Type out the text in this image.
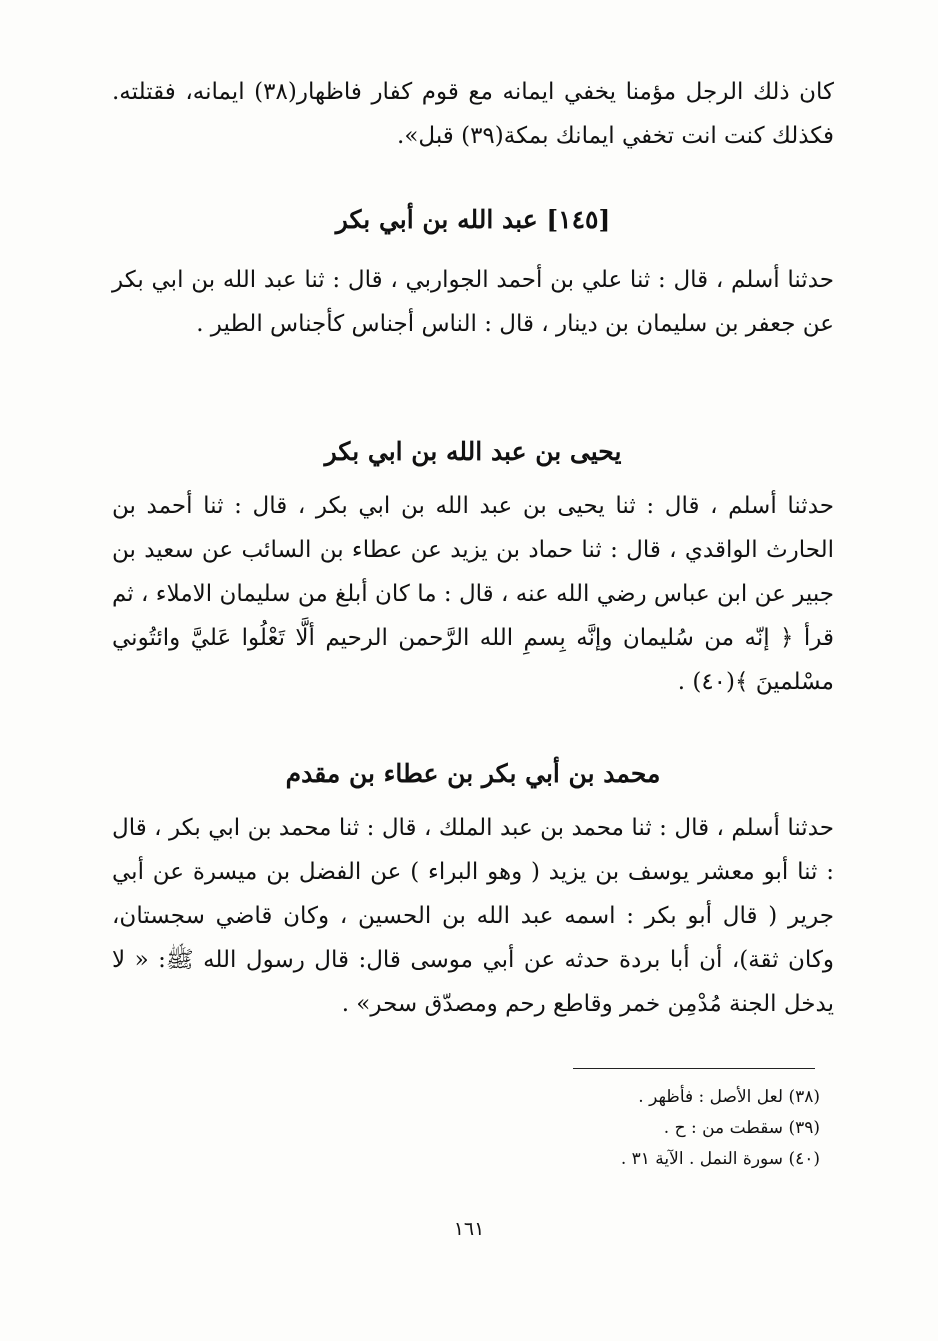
كان ذلك الرجل مؤمنا يخفي ايمانه مع قوم كفار فاظهار(٣٨) ايمانه، فقتلته. فكذلك كنت انت تخفي ايمانك بمكة(٣٩) قبل».

[١٤٥] عبد الله بن أبي بكر

حدثنا أسلم ، قال : ثنا علي بن أحمد الجواربي ، قال : ثنا عبد الله بن ابي بكر عن جعفر بن سليمان بن دينار ، قال : الناس أجناس كأجناس الطير .

يحيى بن عبد الله بن ابي بكر

حدثنا أسلم ، قال : ثنا يحيى بن عبد الله بن ابي بكر ، قال : ثنا أحمد بن الحارث الواقدي ، قال : ثنا حماد بن يزيد عن عطاء بن السائب عن سعيد بن جبير عن ابن عباس رضي الله عنه ، قال : ما كان أبلغ من سليمان الاملاء ، ثم قرأ ﴿ إنّه من سُليمان وإنَّه بِسمِ الله الرَّحمن الرحيم ألَّا تَعْلُوا عَليَّ وائتُوني مسْلمينَ ﴾(٤٠) .

محمد بن أبي بكر بن عطاء بن مقدم

حدثنا أسلم ، قال : ثنا محمد بن عبد الملك ، قال : ثنا محمد بن ابي بكر ، قال : ثنا أبو معشر يوسف بن يزيد ( وهو البراء ) عن الفضل بن ميسرة عن أبي جرير ( قال أبو بكر : اسمه عبد الله بن الحسين ، وكان قاضي سجستان، وكان ثقة)، أن أبا بردة حدثه عن أبي موسى قال: قال رسول الله ﷺ: « لا يدخل الجنة مُدْمِن خمر وقاطع رحم ومصدّق سحر» .

(٣٨) لعل الأصل : فأظهر .

(٣٩) سقطت من : ح .

(٤٠) سورة النمل . الآية ٣١ .

١٦١
